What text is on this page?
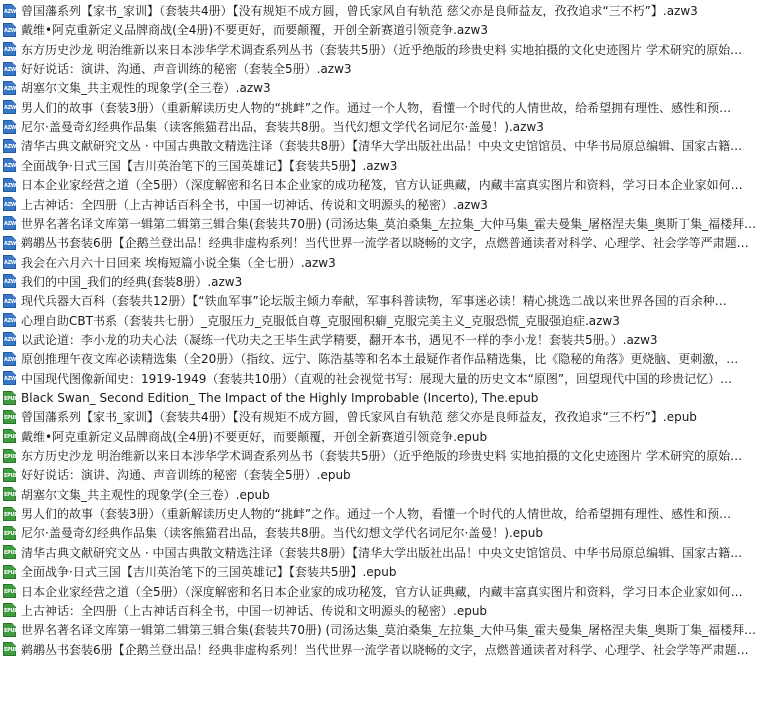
AZW 曾国藩系列【家书_家训】（套装共4册）【没有规矩不成方圆，曾氏家风自有轨范 慈父亦是良师益友，孜孜追求“三不朽”】.azw3
AZW 戴维•阿克重新定义品牌商战(全4册)不要更好，而要颠覆，开创全新赛道引领竞争.azw3
AZW 东方历史沙龙 明治维新以来日本涉华学术调查系列丛书（套装共5册）（近乎绝版的珍贵史料 实地拍摄的文化史迹图片 学术研究的原始…
AZW 好好说话：演讲、沟通、声音训练的秘密（套装全5册）.azw3
AZW 胡塞尔文集_共主观性的现象学(全三卷）.azw3
AZW 男人们的故事（套装3册）（重新解读历史人物的“挑衅”之作。通过一个人物，看懂一个时代的人情世故，给希望拥有理性、感性和预…
AZW 尼尔·盖曼奇幻经典作品集（读客熊猫君出品，套装共8册。当代幻想文学代名词尼尔·盖曼！).azw3
AZW 清华古典文献研究文丛 · 中国古典散文精选注译（套装共8册）【清华大学出版社出品！中央文史馆馆员、中华书局原总编辑、国家古籍…
AZW 全面战争·日式三国【吉川英治笔下的三国英雄记】【套装共5册】.azw3
AZW 日本企业家经营之道（全5册）（深度解密和名日本企业家的成功秘笈，官方认证典藏，内藏丰富真实图片和资料，学习日本企业家如何…
AZW 上古神话：全四册（上古神话百科全书，中国一切神话、传说和文明源头的秘密）.azw3
AZW 世界名著名译文库第一辑第二辑第三辑合集(套装共70册) (司汤达集_莫泊桑集_左拉集_大仲马集_霍夫曼集_屠格涅夫集_奥斯丁集_福楼拜…
AZW 鹈鹕丛书套装6册【企鹅兰登出品！经典非虚构系列！当代世界一流学者以晓畅的文字，点燃普通读者对科学、心理学、社会学等严肃题…
AZW 我会在六月六十日回来 埃梅短篇小说全集（全七册）.azw3
AZW 我们的中国_我们的经典(套装8册）.azw3
AZW 现代兵器大百科（套装共12册）【“铁血军事”论坛版主倾力奉献，军事科普读物，军事迷必读！精心挑选二战以来世界各国的百余种…
AZW 心理自助CBT书系（套装共七册）_克服压力_克服低自尊_克服囤积癖_克服完美主义_克服恐慌_克服强迫症.azw3
AZW 以武论道：李小龙的功夫心法（凝练一代功夫之王毕生武学精要，翻开本书，遇见不一样的李小龙！套装共5册。）.azw3
AZW 原创推理午夜文库必读精选集（全20册）（指纹、远宁、陈浩基等和名本土最疑作者作品精选集，比《隐秘的角落》更烧脑、更刺激，…
AZW 中国现代图像新闻史：1919-1949（套装共10册）（直观的社会视觉书写：展现大量的历史文本“原图”，回望现代中国的珍贵记忆）…
EPUB Black Swan_ Second Edition_ The Impact of the Highly Improbable (Incerto), The.epub
EPUB 曾国藩系列【家书_家训】（套装共4册）【没有规矩不成方圆，曾氏家风自有轨范 慈父亦是良师益友，孜孜追求“三不朽”】.epub
EPUB 戴维•阿克重新定义品牌商战(全4册)不要更好，而要颠覆，开创全新赛道引领竞争.epub
EPUB 东方历史沙龙 明治维新以来日本涉华学术调查系列丛书（套装共5册）（近乎绝版的珍贵史料 实地拍摄的文化史迹图片 学术研究的原始…
EPUB 好好说话：演讲、沟通、声音训练的秘密（套装全5册）.epub
EPUB 胡塞尔文集_共主观性的现象学(全三卷）.epub
EPUB 男人们的故事（套装3册）（重新解读历史人物的“挑衅”之作。通过一个人物，看懂一个时代的人情世故，给希望拥有理性、感性和预…
EPUB 尼尔·盖曼奇幻经典作品集（读客熊猫君出品，套装共8册。当代幻想文学代名词尼尔·盖曼！).epub
EPUB 清华古典文献研究文丛 · 中国古典散文精选注译（套装共8册）【清华大学出版社出品！中央文史馆馆员、中华书局原总编辑、国家古籍…
EPUB 全面战争·日式三国【吉川英治笔下的三国英雄记】【套装共5册】.epub
EPUB 日本企业家经营之道（全5册）（深度解密和名日本企业家的成功秘笈，官方认证典藏，内藏丰富真实图片和资料，学习日本企业家如何…
EPUB 上古神话：全四册（上古神话百科全书，中国一切神话、传说和文明源头的秘密）.epub
EPUB 世界名著名译文库第一辑第二辑第三辑合集(套装共70册) (司汤达集_莫泊桑集_左拉集_大仲马集_霍夫曼集_屠格涅夫集_奥斯丁集_福楼拜…
EPUB 鹈鹕丛书套装6册【企鹅兰登出品！经典非虚构系列！当代世界一流学者以晓畅的文字，点燃普通读者对科学、心理学、社会学等严肃题…
